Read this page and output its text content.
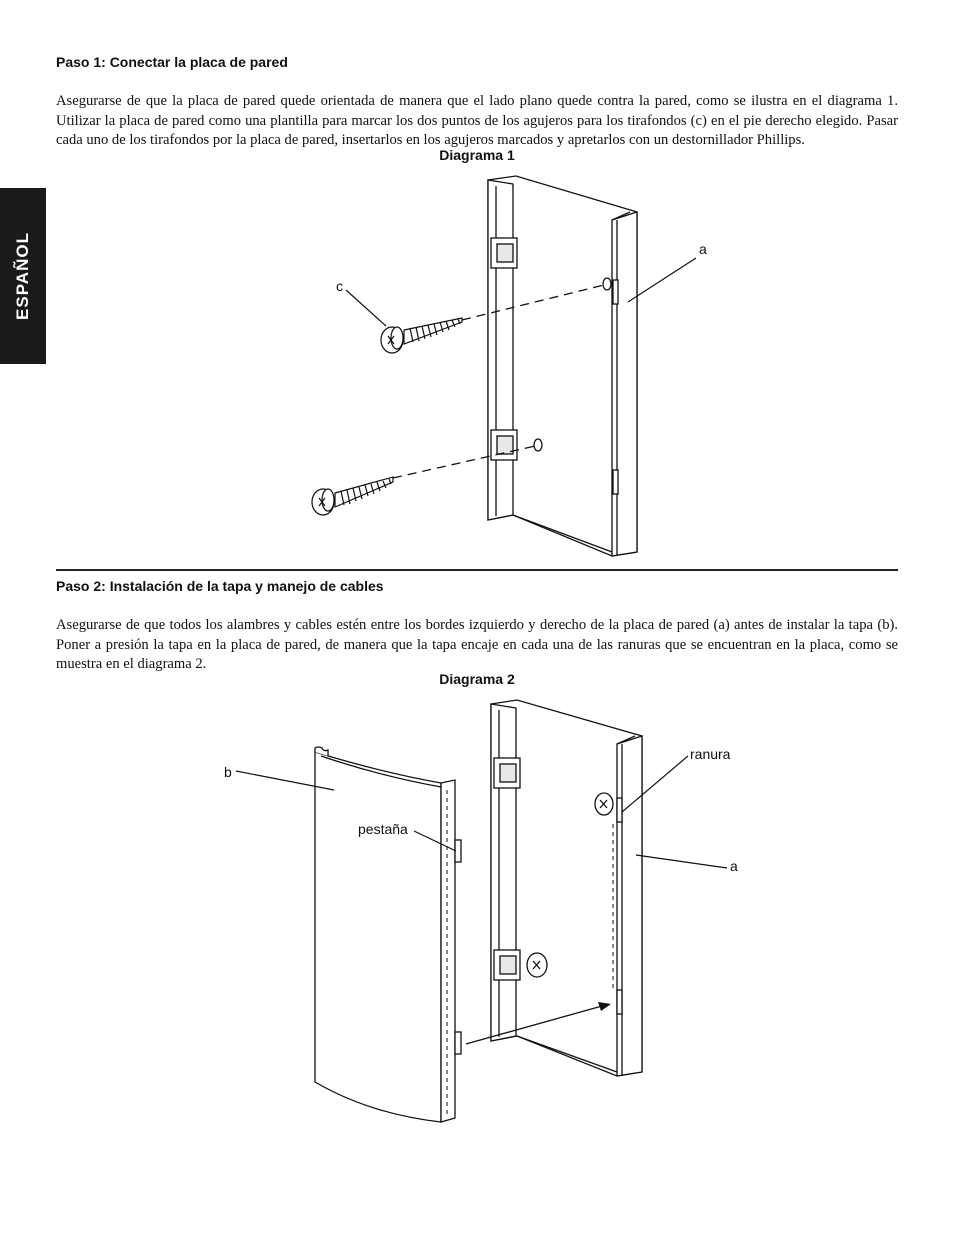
ESPAÑOL
Paso 1: Conectar la placa de pared
Asegurarse de que la placa de pared quede orientada de manera que el lado plano quede contra la pared, como se ilustra en el diagrama 1. Utilizar la placa de pared como una plantilla para marcar los dos puntos de los agujeros para los tirafondos (c) en el pie derecho elegido. Pasar cada uno de los tirafondos por la placa de pared, insertarlos en los agujeros marcados y apretarlos con un destornillador Phillips.
Diagrama 1
c
a
Paso 2: Instalación de la tapa y manejo de cables
Asegurarse de que todos los alambres y cables estén entre los bordes izquierdo y derecho de la placa de pared (a) antes de instalar la tapa (b). Poner a presión la tapa en la placa de pared, de manera que la tapa encaje en cada una de las ranuras que se encuentran en la placa, como se muestra en el diagrama 2.
Diagrama 2
b
pestaña
ranura
a
